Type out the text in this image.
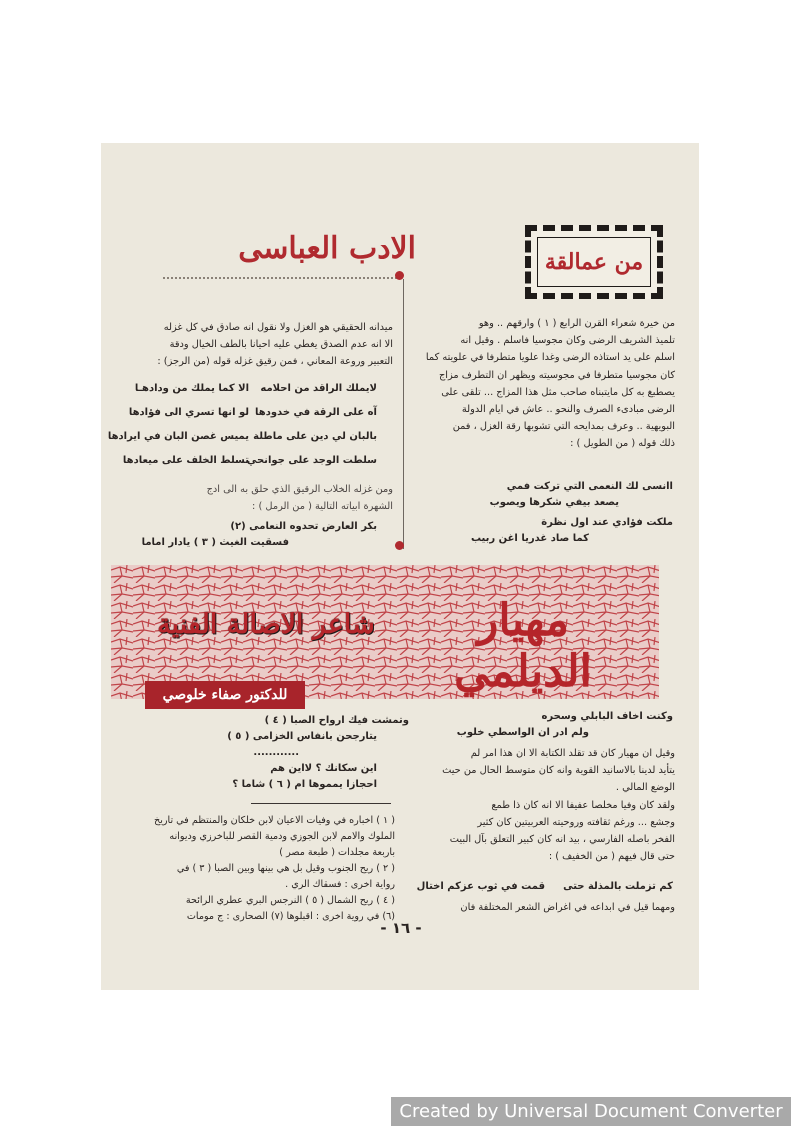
من عمالقة
الادب العباسى
من خيرة شعراء القرن الرابع ( ١ ) وارقهم .. وهو
تلميذ الشريف الرضى وكان مجوسيا فاسلم . وقيل انه
اسلم على يد استاذه الرضى وغدا علويا متطرفا في علويته كما
كان مجوسيا متطرفا في مجوسيته ويظهر ان التطرف مزاج
يصطبغ به كل مايتبناه صاحب مثل هذا المزاج ... تلقى على
الرضى مبادىء الصرف والنحو .. عاش في ايام الدولة
البويهية .. وعرف بمدايحه التي تشوبها رقة الغزل ، فمن
ذلك قوله ( من الطويل ) :
اانسى لك النعمى التي تركت فمي
يصعد بيفي شكرها ويصوب
ملكت فؤادي عند اول نظرة
كما صاد غدريا اغن ربيب
ميدانه الحقيقي هو الغزل ولا نقول انه صادق في كل غزله
الا انه عدم الصدق يغطي عليه احيانا بالطف الخيال ودقة
التعبير وروعة المعاني ، فمن رقيق غزله قوله (من الرجز) :
لايملك الراقد من احلامه
الا كما يملك من ودادهـا
آه على الرقة في خدودها
لو انها تسري الى فؤادها
بالبان لي دين على ماطلة
يميس غصن البان في ايرادها
سلطت الوجد على جوانحي
تسلط الخلف على ميعادها
ومن غزله الخلاب الرقيق الذي حلق به الى ادج
الشهرة ابياته التالية ( من الرمل ) :
بكر العارض تحدوه النعامى (٢)
فسقيت الغيث ( ٣ ) يادار اماما
مهيار الديلمي
شاعر الاصالة الفنية
للدكتور صفاء خلوصي
وكنت اخاف البابلي وسحره
ولم ادر ان الواسطي خلوب
وقيل ان مهيار كان قد تقلد الكتابة الا ان هذا امر لم
يتأيد لدينا بالاسانيد القوية وانه كان متوسط الحال من حيث
الوضع المالي .
ولقد كان وفيا مخلصا عفيفا الا انه كان ذا طمع
وجشع ... ورغم ثقافته وروحيته العربيتين كان كثير
الفخر باصله الفارسي ، بيد انه كان كبير التعلق بآل البيت
حتى قال فيهم ( من الخفيف ) :
كم تزملت بالمذلة حتى
قمت في ثوب عزكم اختال
ومهما قيل في ابداعه في اغراض الشعر المختلفة فان
وتمشت فيك ارواح الصبا ( ٤ )
يتارجحن بانفاس الخزامى ( ٥ )
............
اين سكانك ؟ لااين هم
احجازا يمموها ام ( ٦ ) شاما ؟
( ١ ) اخباره في وفيات الاعيان لابن خلكان والمنتظم في تاريخ
الملوك والامم لابن الجوزي ودمية القصر للباخرزي وديوانه
باربعة مجلدات ( طبعة مصر )
( ٢ ) ريح الجنوب وقيل بل هي بينها وبين الصبا ( ٣ ) في
رواية اخرى : فسقاك الري .
( ٤ ) ريح الشمال ( ٥ ) النرجس البري عطري الرائحة
(٦) في روية اخرى : اقبلوها (٧) الصحارى : ج مومات
- ١٦ -
Created by Universal Document Converter
